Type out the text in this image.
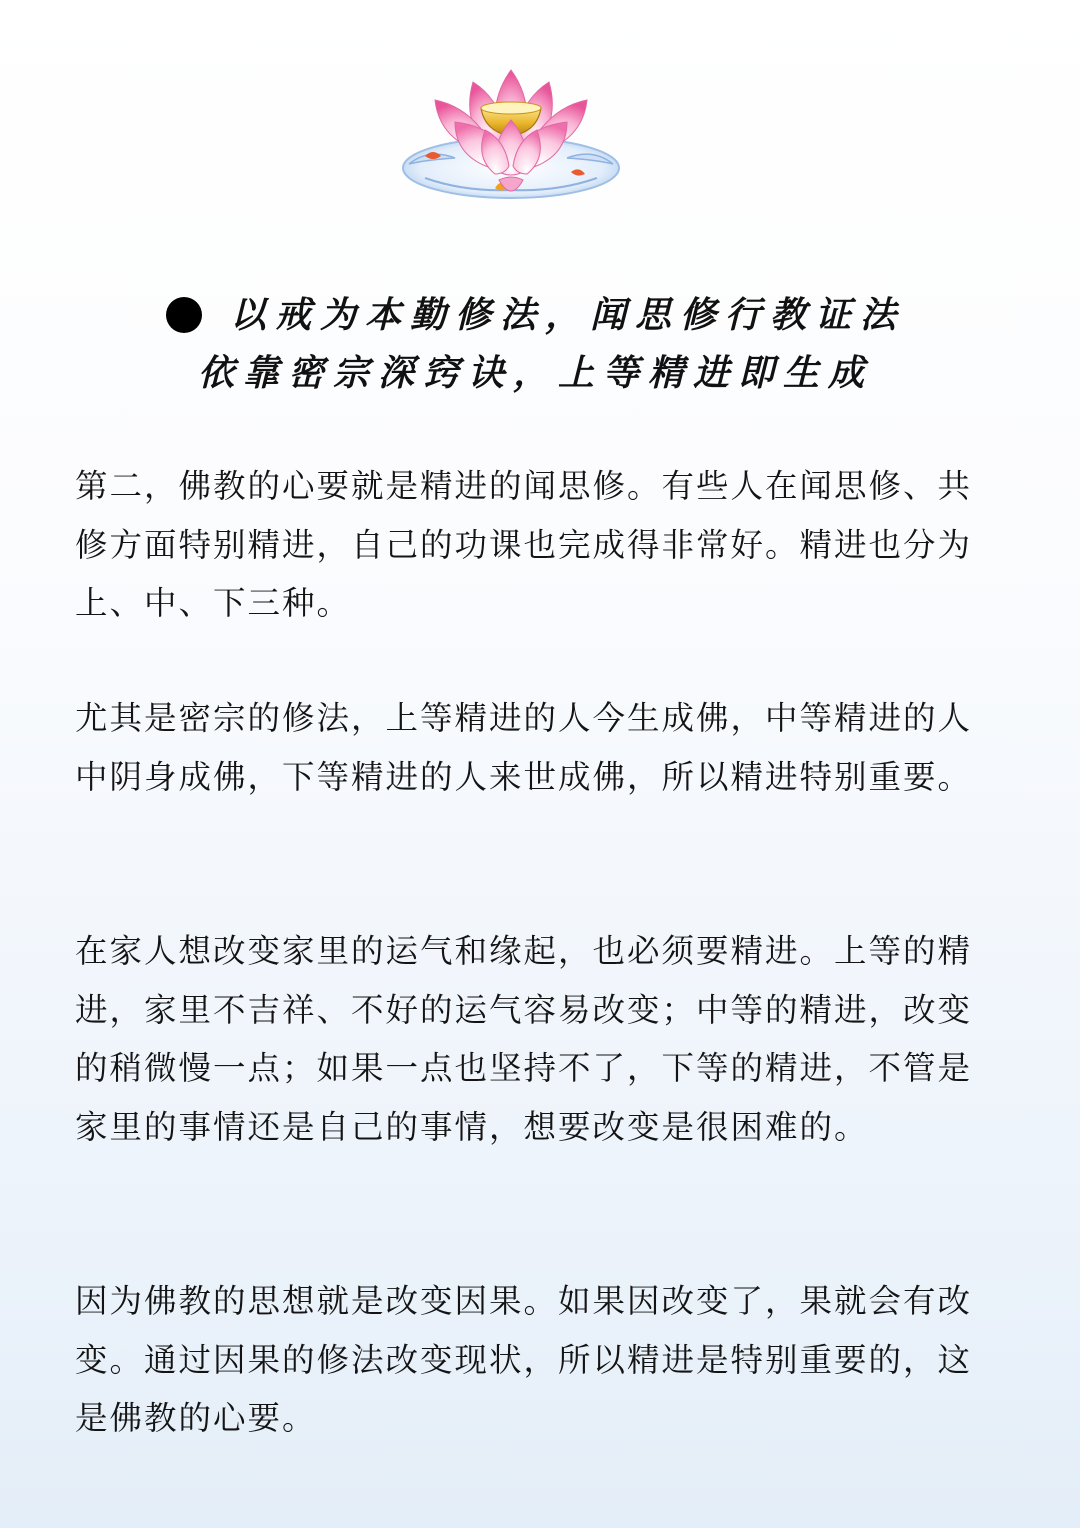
以戒为本勤修法，闻思修行教证法
依靠密宗深窍诀，上等精进即生成

第二，佛教的心要就是精进的闻思修。有些人在闻思修、共修方面特别精进，自己的功课也完成得非常好。精进也分为上、中、下三种。

尤其是密宗的修法，上等精进的人今生成佛，中等精进的人中阴身成佛，下等精进的人来世成佛，所以精进特别重要。

在家人想改变家里的运气和缘起，也必须要精进。上等的精进，家里不吉祥、不好的运气容易改变；中等的精进，改变的稍微慢一点；如果一点也坚持不了，下等的精进，不管是家里的事情还是自己的事情，想要改变是很困难的。

因为佛教的思想就是改变因果。如果因改变了，果就会有改变。通过因果的修法改变现状，所以精进是特别重要的，这是佛教的心要。
